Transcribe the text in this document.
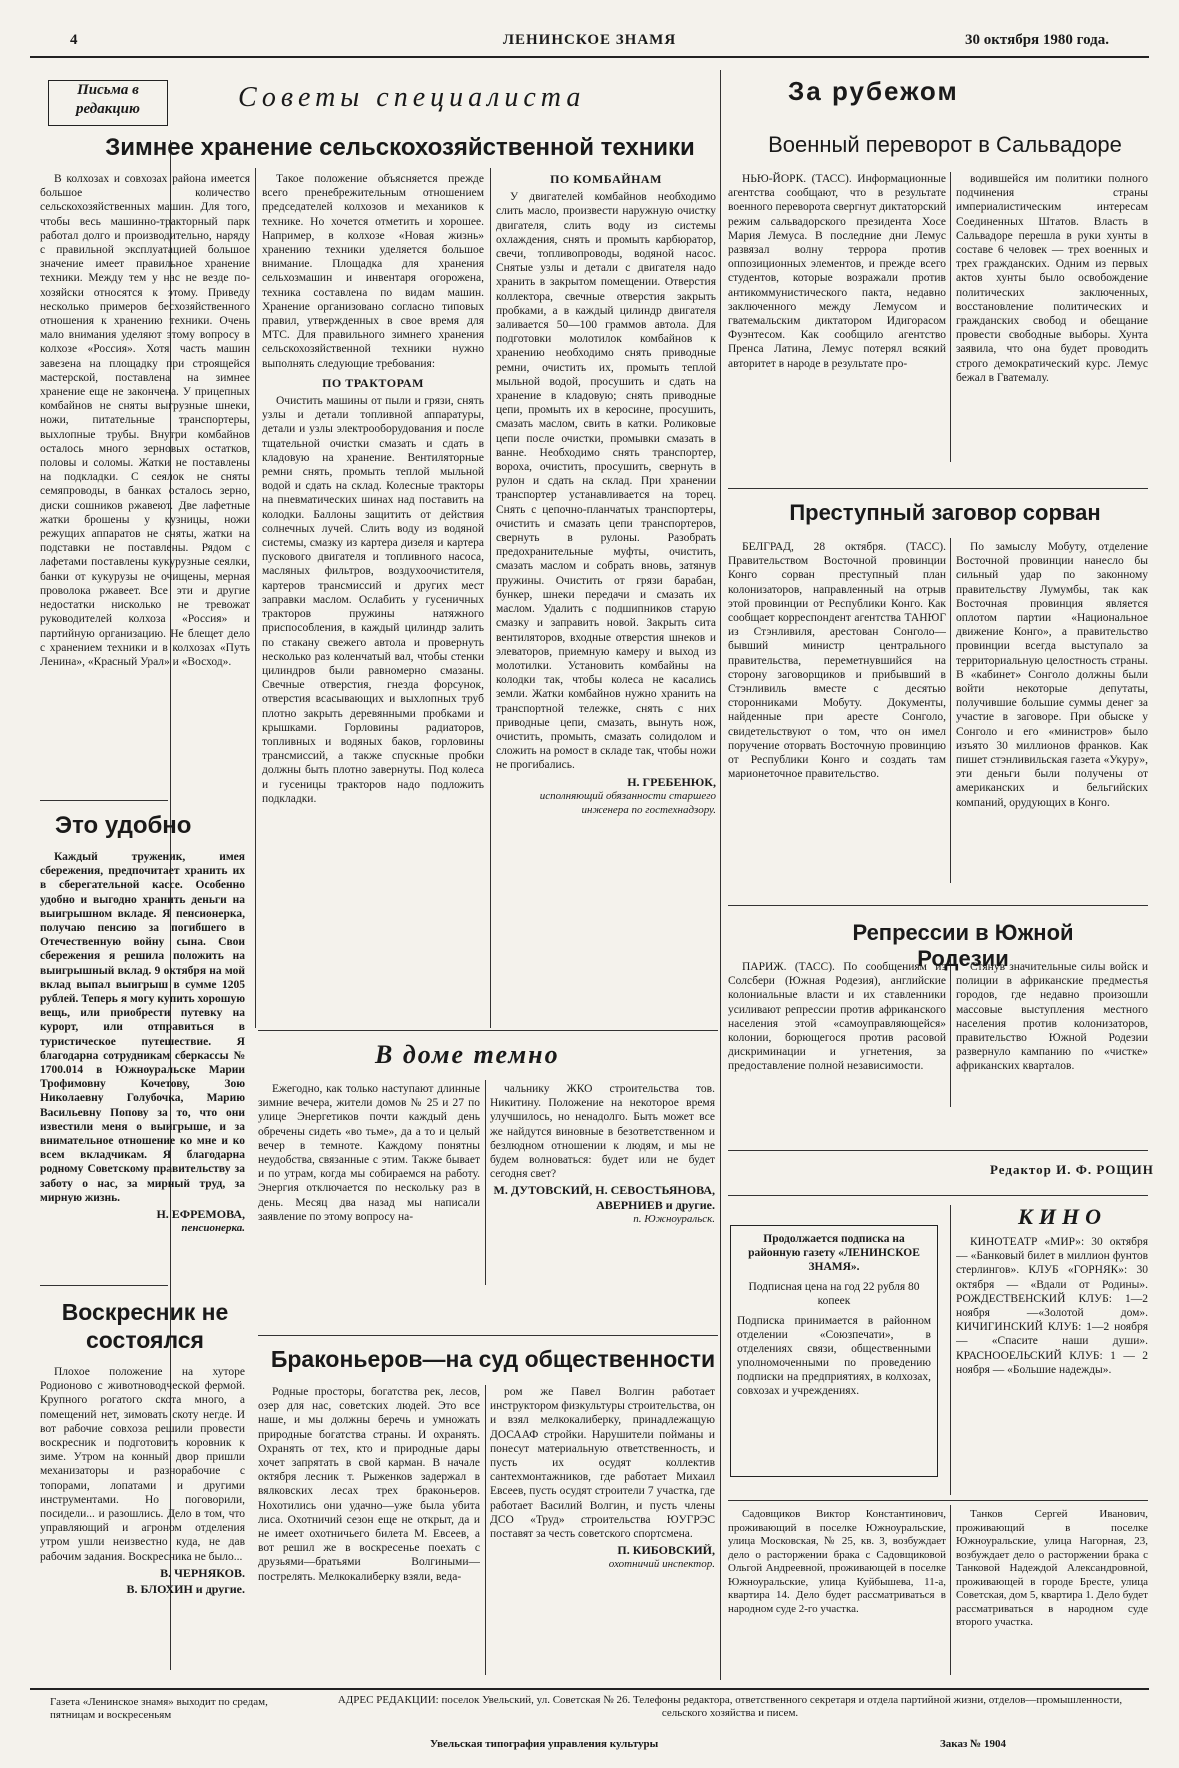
4	ЛЕНИНСКОЕ ЗНАМЯ	30 октября 1980 года.
Письма в редакцию	Советы специалиста	За рубежом
Зимнее хранение сельскохозяйственной техники

В колхозах и совхозах района имеется большое количество сельскохозяйственных машин. Для того, чтобы весь машинно-тракторный парк работал долго и производительно, наряду с правильной эксплуатацией большое значение имеет правильное хранение техники. Между тем у нас не везде по-хозяйски относятся к этому. Приведу несколько примеров бесхозяйственного отношения к хранению техники. Очень мало внимания уделяют этому вопросу в колхозе «Россия». Хотя часть машин завезена на площадку при строящейся мастерской, поставлена на зимнее хранение еще не закончена. У прицепных комбайнов не сняты выгрузные шнеки, ножи, питательные транспортеры, выхлопные трубы. Внутри комбайнов осталось много зерновых остатков, половы и соломы. Жатки не поставлены на подкладки. С сеялок не сняты семяпроводы, в банках осталось зерно, диски сошников ржавеют. Две лафетные жатки брошены у кузницы, ножи режущих аппаратов не сняты, жатки на подставки не поставлены. Рядом с лафетами поставлены кукурузные сеялки, банки от кукурузы не очищены, мерная проволока ржавеет. Все эти и другие недостатки нисколько не тревожат руководителей колхоза «Россия» и партийную организацию. Не блещет дело с хранением техники и в колхозах «Путь Ленина», «Красный Урал» и «Восход».

Такое положение объясняется прежде всего пренебрежительным отношением председателей колхозов и механиков к технике. Но хочется отметить и хорошее. Например, в колхозе «Новая жизнь» хранению техники уделяется большое внимание. Площадка для хранения сельхозмашин и инвентаря огорожена, техника составлена по видам машин. Хранение организовано согласно типовых правил, утвержденных в свое время для МТС. Для правильного зимнего хранения сельскохозяйственной техники нужно выполнять следующие требования:

ПО ТРАКТОРАМ

Очистить машины от пыли и грязи, снять узлы и детали топливной аппаратуры, детали и узлы электрооборудования и после тщательной очистки смазать и сдать в кладовую на хранение. Вентиляторные ремни снять, промыть теплой мыльной водой и сдать на склад. Колесные тракторы на пневматических шинах над поставить на колодки. Баллоны защитить от действия солнечных лучей. Слить воду из водяной системы, смазку из картера дизеля и картера пускового двигателя и топливного насоса, масляных фильтров, воздухоочистителя, картеров трансмиссий и других мест заправки маслом. Ослабить у гусеничных тракторов пружины натяжного приспособления, в каждый цилиндр залить по стакану свежего автола и провернуть несколько раз коленчатый вал, чтобы стенки цилиндров были равномерно смазаны. Свечные отверстия, гнезда форсунок, отверстия всасывающих и выхлопных труб плотно закрыть деревянными пробками и крышками. Горловины радиаторов, топливных и водяных баков, горловины трансмиссий, а также спускные пробки должны быть плотно завернуты. Под колеса и гусеницы тракторов надо подложить подкладки.

ПО КОМБАЙНАМ

У двигателей комбайнов необходимо слить масло, произвести наружную очистку двигателя, слить воду из системы охлаждения, снять и промыть карбюратор, свечи, топливопроводы, водяной насос. Снятые узлы и детали с двигателя надо хранить в закрытом помещении. Отверстия коллектора, свечные отверстия закрыть пробками, а в каждый цилиндр двигателя заливается 50—100 граммов автола. Для подготовки молотилок комбайнов к хранению необходимо снять приводные ремни, очистить их, промыть теплой мыльной водой, просушить и сдать на хранение в кладовую; снять приводные цепи, промыть их в керосине, просушить, смазать маслом, свить в катки. Роликовые цепи после очистки, промывки смазать в ванне. Необходимо снять транспортер, ворохa, очистить, просушить, свернуть в рулон и сдать на склад. При хранении транспортер устанавливается на торец. Снять с цепочно-планчатых транспортеры, очистить и смазать цепи транспортеров, свернуть в рулоны. Разобрать предохранительные муфты, очистить, смазать маслом и собрать вновь, затянув пружины. Очистить от грязи барабан, бункер, шнеки передачи и смазать их маслом. Удалить с подшипников старую смазку и заправить новой. Закрыть сита вентиляторов, входные отверстия шнеков и элеваторов, приемную камеру и выход из молотилки. Установить комбайны на колодки так, чтобы колеса не касались земли. Жатки комбайнов нужно хранить на транспортной тележке, снять с них приводные цепи, смазать, вынуть нож, очистить, промыть, смазать солидолом и сложить на ромост в складе так, чтобы ножи не прогибались.

Н. ГРЕБЕНЮК,
исполняющий обязанности старшего инженера по гостехнадзору.
Это удобно

Каждый труженик, имея сбережения, предпочитает хранить их в сберегательной кассе. Особенно удобно и выгодно хранить деньги на выигрышном вкладе. Я пенсионерка, получаю пенсию за погибшего в Отечественную войну сына. Свои сбережения я решила положить на выигрышный вклад. 9 октября на мой вклад выпал выигрыш в сумме 1205 рублей. Теперь я могу купить хорошую вещь, или приобрести путевку на курорт, или отправиться в туристическое путешествие. Я благодарна сотрудникам сберкассы № 1700.014 в Южноуральске Марии Трофимовну Кочетову, Зою Николаевну Голубочка, Марию Васильевну Попову за то, что они известили меня о выигрыше, и за внимательное отношение ко мне и ко всем вкладчикам. Я благодарна родному Советскому правительству за заботу о нас, за мирный труд, за мирную жизнь.

Н. ЕФРЕМОВА,
пенсионерка.
Воскресник не состоялся

Плохое положение на хуторе Родионово с животноводческой фермой. Крупного рогатого скота много, а помещений нет, зимовать скоту негде. И вот рабочие совхоза решили провести воскресник и подготовить коровник к зиме. Утром на конный двор пришли механизаторы и разнорабочие с топорами, лопатами и другими инструментами. Но поговорили, посидели... и разошлись. Дело в том, что управляющий и агроном отделения утром ушли неизвестно куда, не дав рабочим задания. Воскресника не было...

В. ЧЕРНЯКОВ.
В. БЛОХИН и другие.
В доме темно

Ежегодно, как только наступают длинные зимние вечера, жители домов № 25 и 27 по улице Энергетиков почти каждый день обречены сидеть «во тьме», да а то и целый вечер в темноте. Каждому понятны неудобства, связанные с этим. Также бывает и по утрам, когда мы собираемся на работу. Энергия отключается по нескольку раз в день. Месяц два назад мы написали заявление по этому вопросу на-

чальнику ЖКО строительства тов. Никитину. Положение на некоторое время улучшилось, но ненадолго. Быть может все же найдутся виновные в безответственном и безлюдном отношении к людям, и мы не будем волноваться: будет или не будет сегодня свет?

М. ДУТОВСКИЙ, Н. СЕВОСТЬЯНОВА, АВЕРНИЕВ и другие.
п. Южноуральск.
Браконьеров—на суд общественности

Родные просторы, богатства рек, лесов, озер для нас, советских людей. Это все наше, и мы должны беречь и умножать природные богатства страны. И охранять. Охранять от тех, кто и природные дары хочет запрятать в свой карман. В начале октября лесник т. Рыженков задержал в вялковских лесах трех браконьеров. Нохотились они удачно—уже была убита лиса. Охотничий сезон еще не открыт, да и не имеет охотничьего билета М. Евсеев, а вот решил же в воскресенье поехать с друзьями—братьями Волгиными—пострелять. Мелкокалиберку взяли, веда-

ром же Павел Волгин работает инструктором физкультуры строительства, он и взял мелкокалиберку, принадлежащую ДОСААФ стройки. Нарушители пойманы и понесут материальную ответственность, и пусть их осудят коллектив сантехмонтажников, где работает Михаил Евсеев, пусть осудят строители 7 участка, где работает Василий Волгин, и пусть члены ДСО «Труд» строительства ЮУГРЭС поставят за честь советского спортсмена.

П. КИБОВСКИЙ,
охотничий инспектор.
Военный переворот в Сальвадоре

НЬЮ-ЙОРК. (ТАСС). Информационные агентства сообщают, что в результате военного переворота свергнут диктаторский режим сальвадорского президента Хосе Мария Лемуса. В последние дни Лемус развязал волну террора против оппозиционных элементов, и прежде всего студентов, которые возражали против антикоммунистического пакта, недавно заключенного между Лемусом и гватемальским диктатором Идигорасом Фуэнтесом. Как сообщило агентство Пренса Латина, Лемус потерял всякий авторитет в народе в результате про-

водившейся им политики полного подчинения страны империалистическим интересам Соединенных Штатов. Власть в Сальвадоре перешла в руки хунты в составе 6 человек — трех военных и трех гражданских. Одним из первых актов хунты было освобождение политических заключенных, восстановление политических и гражданских свобод и обещание провести свободные выборы. Хунта заявила, что она будет проводить строго демократический курс. Лемус бежал в Гватемалу.

Преступный заговор сорван

БЕЛГРАД, 28 октября. (ТАСС). Правительством Восточной провинции Конго сорван преступный план колонизаторов, направленный на отрыв этой провинции от Республики Конго. Как сообщает корреспондент агентства ТАНЮГ из Стэнливиля, арестован Сонголо—бывший министр центрального правительства, переметнувшийся на сторону заговорщиков и прибывший в Стэнливиль вместе с десятью сторонниками Мобуту. Документы, найденные при аресте Сонголо, свидетельствуют о том, что он имел поручение оторвать Восточную провинцию от Республики Конго и создать там марионеточное правительство.

По замыслу Мобуту, отделение Восточной провинции нанесло бы сильный удар по законному правительству Лумумбы, так как Восточная провинция является оплотом партии «Национальное движение Конго», а правительство провинции всегда выступало за территориальную целостность страны. В «кабинет» Сонголо должны были войти некоторые депутаты, получившие большие суммы денег за участие в заговоре. При обыске у Сонголо и его «министров» было изъято 30 миллионов франков. Как пишет стэнливильская газета «Укуру», эти деньги были получены от американских и бельгийских компаний, орудующих в Конго.

Репрессии в Южной Родезии

ПАРИЖ. (ТАСС). По сообщениям из Солсбери (Южная Родезия), английские колониальные власти и их ставленники усиливают репрессии против африканского населения этой «самоуправляющейся» колонии, борющегося против расовой дискриминации и угнетения, за предоставление полной независимости.

Стянув значительные силы войск и полиции в африканские предместья городов, где недавно произошли массовые выступления местного населения против колонизаторов, правительство Южной Родезии развернуло кампанию по «чистке» африканских кварталов.

Редактор И. Ф. РОЩИН
Продолжается подписка на районную газету «ЛЕНИНСКОЕ ЗНАМЯ».
Подписная цена на год 22 рубля 80 копеек
Подписка принимается в районном отделении «Союзпечати», в отделениях связи, общественными уполномоченными по проведению подписки на предприятиях, в колхозах, совхозах и учреждениях.
КИНО

КИНОТЕАТР «МИР»: 30 октября — «Банковый билет в миллион фунтов стерлингов». КЛУБ «ГОРНЯК»: 30 октября — «Вдали от Родины». РОЖДЕСТВЕНСКИЙ КЛУБ: 1—2 ноября —«Золотой дом». КИЧИГИНСКИЙ КЛУБ: 1—2 ноября — «Спасите наши души». КРАСНООЕЛЬСКИЙ КЛУБ: 1 — 2 ноября — «Большие надежды».

Садовщиков Виктор Константинович, проживающий в поселке Южноуральские, улица Московская, № 25, кв. 3, возбуждает дело о расторжении брака с Садовщиковой Ольгой Андреевной, проживающей в поселке Южноуральские, улица Куйбышева, 11-а, квартира 14. Дело будет рассматриваться в народном суде 2-го участка.

Танков Сергей Иванович, проживающий в поселке Южноуральские, улица Нагорная, 23, возбуждает дело о расторжении брака с Танковой Надеждой Александровной, проживающей в городе Бресте, улица Советская, дом 5, квартира 1. Дело будет рассматриваться в народном суде второго участка.

Газета «Ленинское знамя» выходит по средам, пятницам и воскресеньям
АДРЕС РЕДАКЦИИ: поселок Увельский, ул. Советская № 26. Телефоны редактора, ответственного секретаря и отдела партийной жизни, отделов—промышленности, сельского хозяйства и писем.
Увельская типография управления культуры	Заказ № 1904
